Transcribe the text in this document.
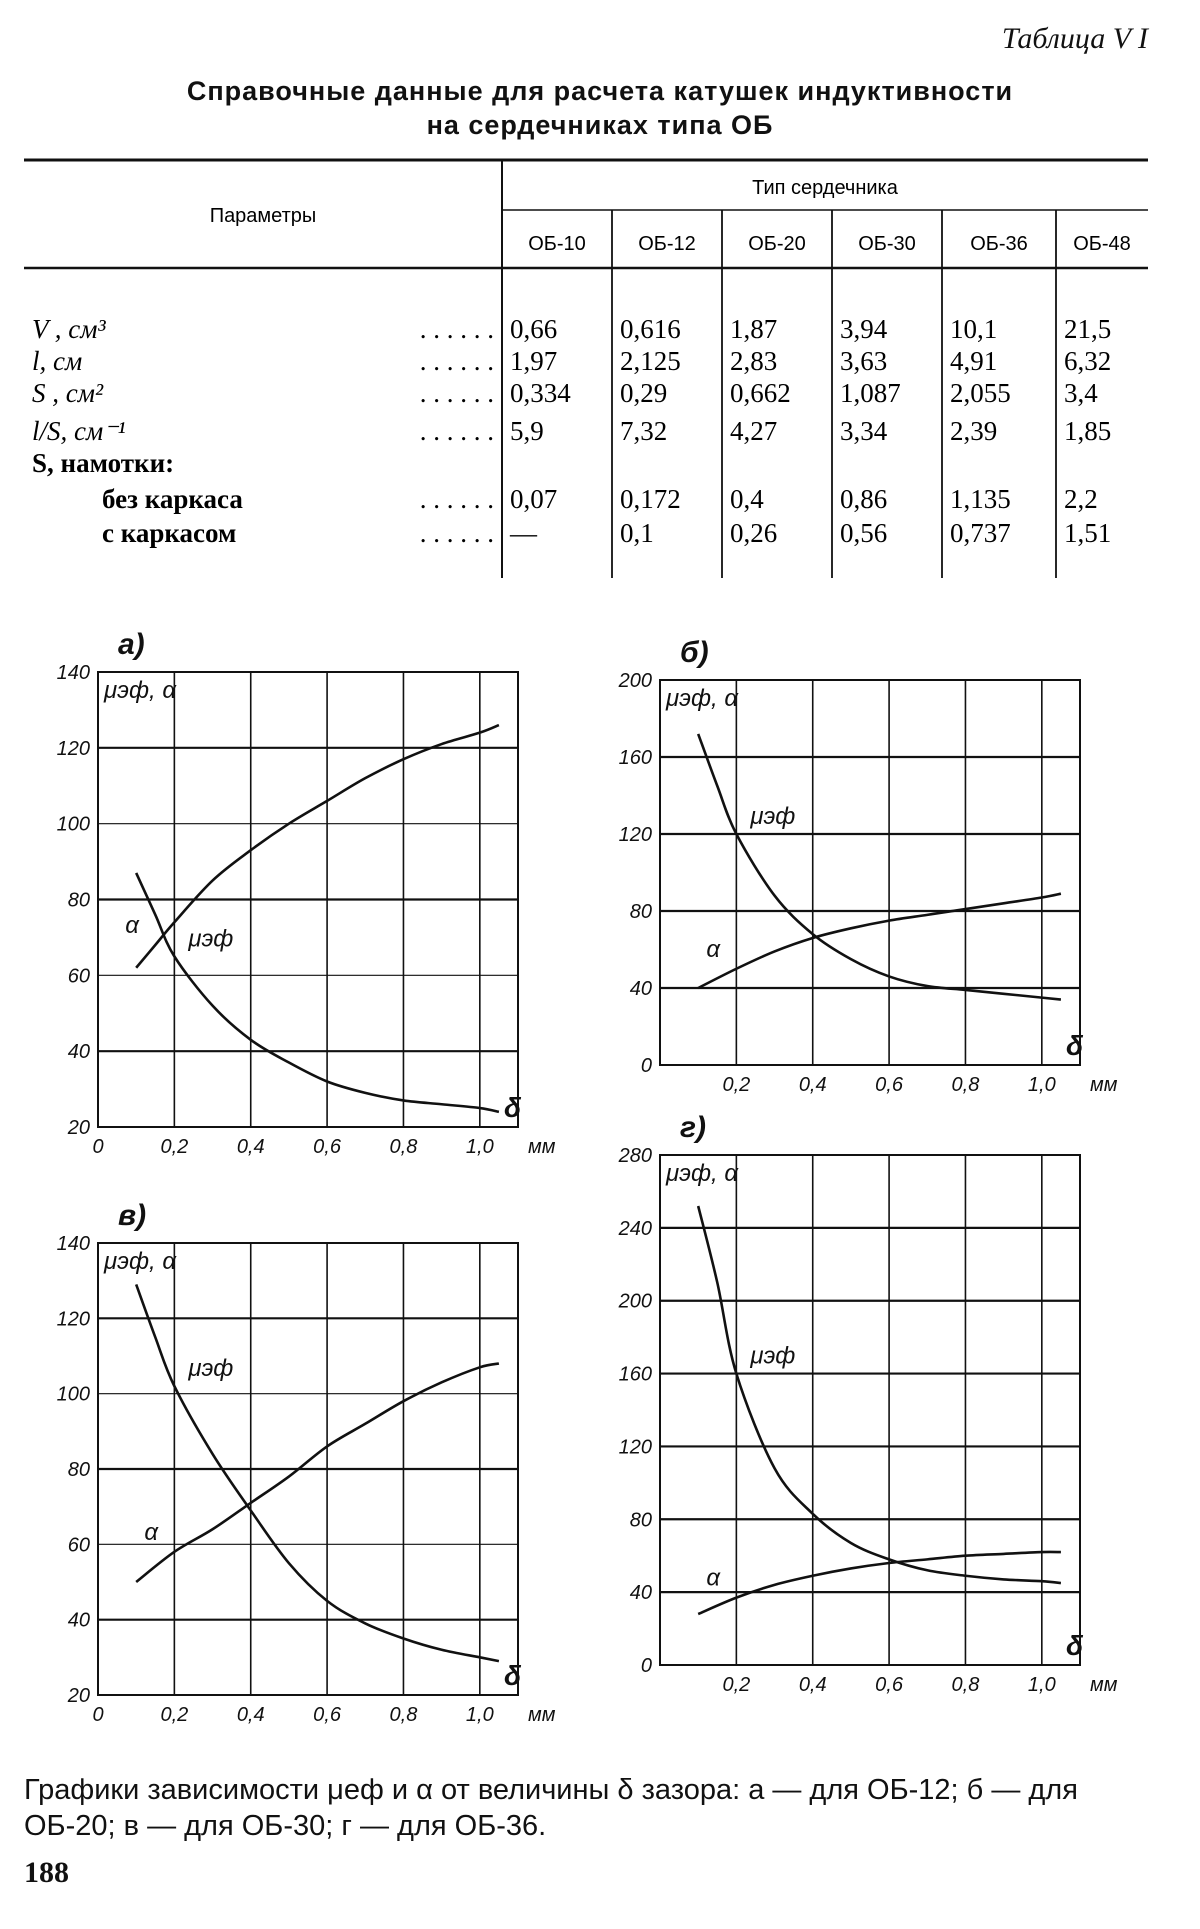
Таблица V I
Справочные данные для расчета катушек индуктивности
на сердечниках типа ОБ
Параметры
Тип сердечника
ОБ-10	ОБ-12	ОБ-20	ОБ-30	ОБ-36 ОБ-48
V , см³	. . . . . . 0,66 0,616 1,87 3,94 10,1 21,5
l, см	. . . . . . 1,97 2,125 2,83 3,63 4,91 6,32
S , см²	. . . . . . 0,334 0,29 0,662 1,087 2,055 3,4
l/S, см⁻¹	. . . . . . 5,9	7,32 4,27 3,34 2,39 1,85
S, намотки:
без каркаса	. . . . . . 0,07 0,172 0,4	0,86 1,135 2,2
с каркасом	. . . . . . —	0,1	0,26 0,56 0,737 1,51
0	0,2 0,4 0,6 0,8 1,0
20
40
60
80
100
120
140
мм
δ
μэф, α
а)
μэф
α
0,2 0,4 0,6 0,8 1,0
0
40
80
120
160
200
мм
δ
μэф, α
б)
μэф
α
0	0,2 0,4 0,6 0,8 1,0
20
40
60
80
100
120
140
мм
δ
μэф, α
в)
μэф
α
0,2 0,4 0,6 0,8 1,0
0
40
80
120
160
200
240
280
мм
δ
μэф, α
г)
μэф
α
Графики зависимости μеф и α от величины δ зазора: а — для ОБ-12; б — для ОБ-20; в — для ОБ-30; г — для ОБ-36.
188
